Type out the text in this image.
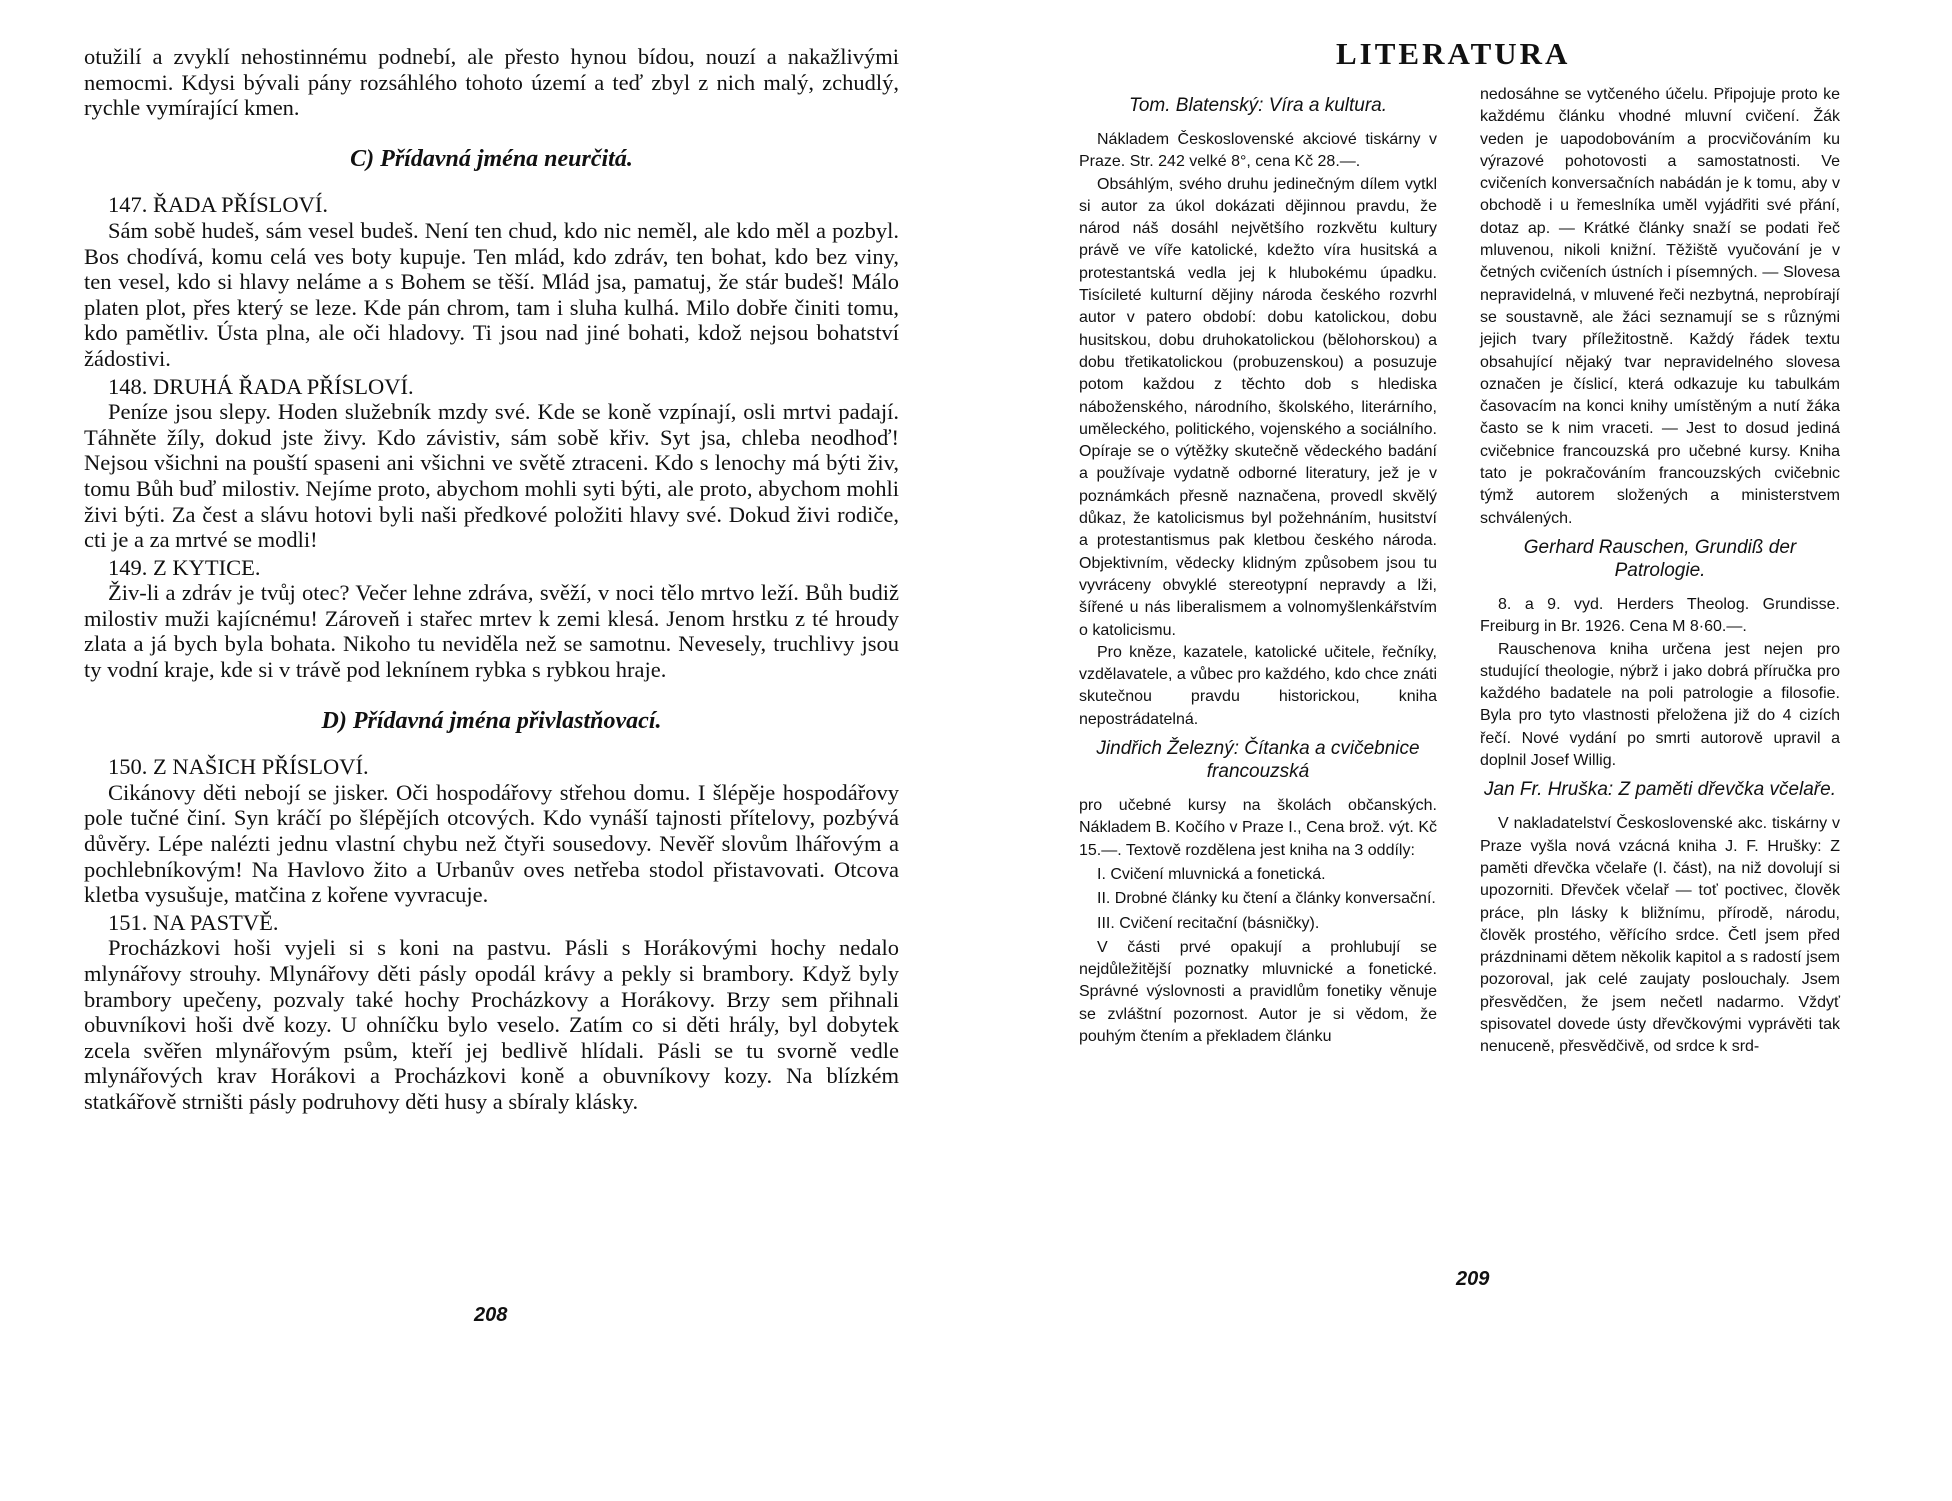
otužilí a zvyklí nehostinnému podnebí, ale přesto hynou bídou, nouzí a nakažlivými nemocmi. Kdysi bývali pány rozsáhlého tohoto území a teď zbyl z nich malý, zchudlý, rychle vymírající kmen.

C) Přídavná jména neurčitá.

147. ŘADA PŘÍSLOVÍ.

Sám sobě hudeš, sám vesel budeš. Není ten chud, kdo nic neměl, ale kdo měl a pozbyl. Bos chodívá, komu celá ves boty kupuje. Ten mlád, kdo zdráv, ten bohat, kdo bez viny, ten vesel, kdo si hlavy neláme a s Bohem se těší. Mlád jsa, pamatuj, že stár budeš! Málo platen plot, přes který se leze. Kde pán chrom, tam i sluha kulhá. Milo dobře činiti tomu, kdo pamětliv. Ústa plna, ale oči hladovy. Ti jsou nad jiné bohati, kdož nejsou bohatství žádostivi.

148. DRUHÁ ŘADA PŘÍSLOVÍ.

Peníze jsou slepy. Hoden služebník mzdy své. Kde se koně vzpínají, osli mrtvi padají. Táhněte žíly, dokud jste živy. Kdo závistiv, sám sobě křiv. Syt jsa, chleba neodhoď! Nejsou všichni na pouští spaseni ani všichni ve světě ztraceni. Kdo s lenochy má býti živ, tomu Bůh buď milostiv. Nejíme proto, abychom mohli syti býti, ale proto, abychom mohli živi býti. Za čest a slávu hotovi byli naši předkové položiti hlavy své. Dokud živi rodiče, cti je a za mrtvé se modli!

149. Z KYTICE.

Živ-li a zdráv je tvůj otec? Večer lehne zdráva, svěží, v noci tělo mrtvo leží. Bůh budiž milostiv muži kajícnému! Zároveň i stařec mrtev k zemi klesá. Jenom hrstku z té hroudy zlata a já bych byla bohata. Nikoho tu neviděla než se samotnu. Nevesely, truchlivy jsou ty vodní kraje, kde si v trávě pod leknínem rybka s rybkou hraje.

D) Přídavná jména přivlastňovací.

150. Z NAŠICH PŘÍSLOVÍ.

Cikánovy děti nebojí se jisker. Oči hospodářovy střehou domu. I šlépěje hospodářovy pole tučné činí. Syn kráčí po šlépějích otcových. Kdo vynáší tajnosti přítelovy, pozbývá důvěry. Lépe nalézti jednu vlastní chybu než čtyři sousedovy. Nevěř slovům lhářovým a pochlebníkovým! Na Havlovo žito a Urbanův oves netřeba stodol přistavovati. Otcova kletba vysušuje, matčina z kořene vyvracuje.

151. NA PASTVĚ.

Procházkovi hoši vyjeli si s koni na pastvu. Pásli s Horákovými hochy nedalo mlynářovy strouhy. Mlynářovy děti pásly opodál krávy a pekly si brambory. Když byly brambory upečeny, pozvaly také hochy Procházkovy a Horákovy. Brzy sem přihnali obuvníkovi hoši dvě kozy. U ohníčku bylo veselo. Zatím co si děti hrály, byl dobytek zcela svěřen mlynářovým psům, kteří jej bedlivě hlídali. Pásli se tu svorně vedle mlynářových krav Horákovi a Procházkovi koně a obuvníkovy kozy. Na blízkém statkářově strništi pásly podruhovy děti husy a sbíraly klásky.

208
LITERATURA

Tom. Blatenský: Víra a kultura.

Nákladem Československé akciové tiskárny v Praze. Str. 242 velké 8°, cena Kč 28.—.

Obsáhlým, svého druhu jedinečným dílem vytkl si autor za úkol dokázati dějinnou pravdu, že národ náš dosáhl největšího rozkvětu kultury právě ve víře katolické, kdežto víra husitská a protestantská vedla jej k hlubokému úpadku. Tisícileté kulturní dějiny národa českého rozvrhl autor v patero období: dobu katolickou, dobu husitskou, dobu druhokatolickou (bělohorskou) a dobu třetikatolickou (probuzenskou) a posuzuje potom každou z těchto dob s hlediska náboženského, národního, školského, literárního, uměleckého, politického, vojenského a sociálního. Opíraje se o výtěžky skutečně vědeckého badání a používaje vydatně odborné literatury, jež je v poznámkách přesně naznačena, provedl skvělý důkaz, že katolicismus byl požehnáním, husitství a protestantismus pak kletbou českého národa. Objektivním, vědecky klidným způsobem jsou tu vyvráceny obvyklé stereotypní nepravdy a lži, šířené u nás liberalismem a volnomyšlenkářstvím o katolicismu.

Pro kněze, kazatele, katolické učitele, řečníky, vzdělavatele, a vůbec pro každého, kdo chce znáti skutečnou pravdu historickou, kniha nepostrádatelná.

Jindřich Železný: Čítanka a cvičebnice francouzská

pro učebné kursy na školách občanských. Nákladem B. Kočího v Praze I., Cena brož. výt. Kč 15.—. Textově rozdělena jest kniha na 3 oddíly:

I. Cvičení mluvnická a fonetická.

II. Drobné články ku čtení a články konversační.

III. Cvičení recitační (básničky).

V části prvé opakují a prohlubují se nejdůležitější poznatky mluvnické a fonetické. Správné výslovnosti a pravidlům fonetiky věnuje se zvláštní pozornost. Autor je si vědom, že pouhým čtením a překladem článku

nedosáhne se vytčeného účelu. Připojuje proto ke každému článku vhodné mluvní cvičení. Žák veden je uapodobováním a procvičováním ku výrazové pohotovosti a samostatnosti. Ve cvičeních konversačních nabádán je k tomu, aby v obchodě i u řemeslníka uměl vyjádřiti své přání, dotaz ap. — Krátké články snaží se podati řeč mluvenou, nikoli knižní. Těžiště vyučování je v četných cvičeních ústních i písemných. — Slovesa nepravidelná, v mluvené řeči nezbytná, neprobírají se soustavně, ale žáci seznamují se s různými jejich tvary příležitostně. Každý řádek textu obsahující nějaký tvar nepravidelného slovesa označen je číslicí, která odkazuje ku tabulkám časovacím na konci knihy umístěným a nutí žáka často se k nim vraceti. — Jest to dosud jediná cvičebnice francouzská pro učebné kursy. Kniha tato je pokračováním francouzských cvičebnic týmž autorem složených a ministerstvem schválených.

Gerhard Rauschen, Grundiß der Patrologie.

8. a 9. vyd. Herders Theolog. Grundisse. Freiburg in Br. 1926. Cena M 8·60.—.

Rauschenova kniha určena jest nejen pro studující theologie, nýbrž i jako dobrá příručka pro každého badatele na poli patrologie a filosofie. Byla pro tyto vlastnosti přeložena již do 4 cizích řečí. Nové vydání po smrti autorově upravil a doplnil Josef Willig.

Jan Fr. Hruška: Z paměti dřevčka včelaře.

V nakladatelství Československé akc. tiskárny v Praze vyšla nová vzácná kniha J. F. Hrušky: Z paměti dřevčka včelaře (I. část), na niž dovolují si upozorniti. Dřevček včelař — toť poctivec, člověk práce, pln lásky k bližnímu, přírodě, národu, člověk prostého, věřícího srdce. Četl jsem před prázdninami dětem několik kapitol a s radostí jsem pozoroval, jak celé zaujaty poslouchaly. Jsem přesvědčen, že jsem nečetl nadarmo. Vždyť spisovatel dovede ústy dřevčkovými vyprávěti tak nenuceně, přesvědčivě, od srdce k srd-

209
